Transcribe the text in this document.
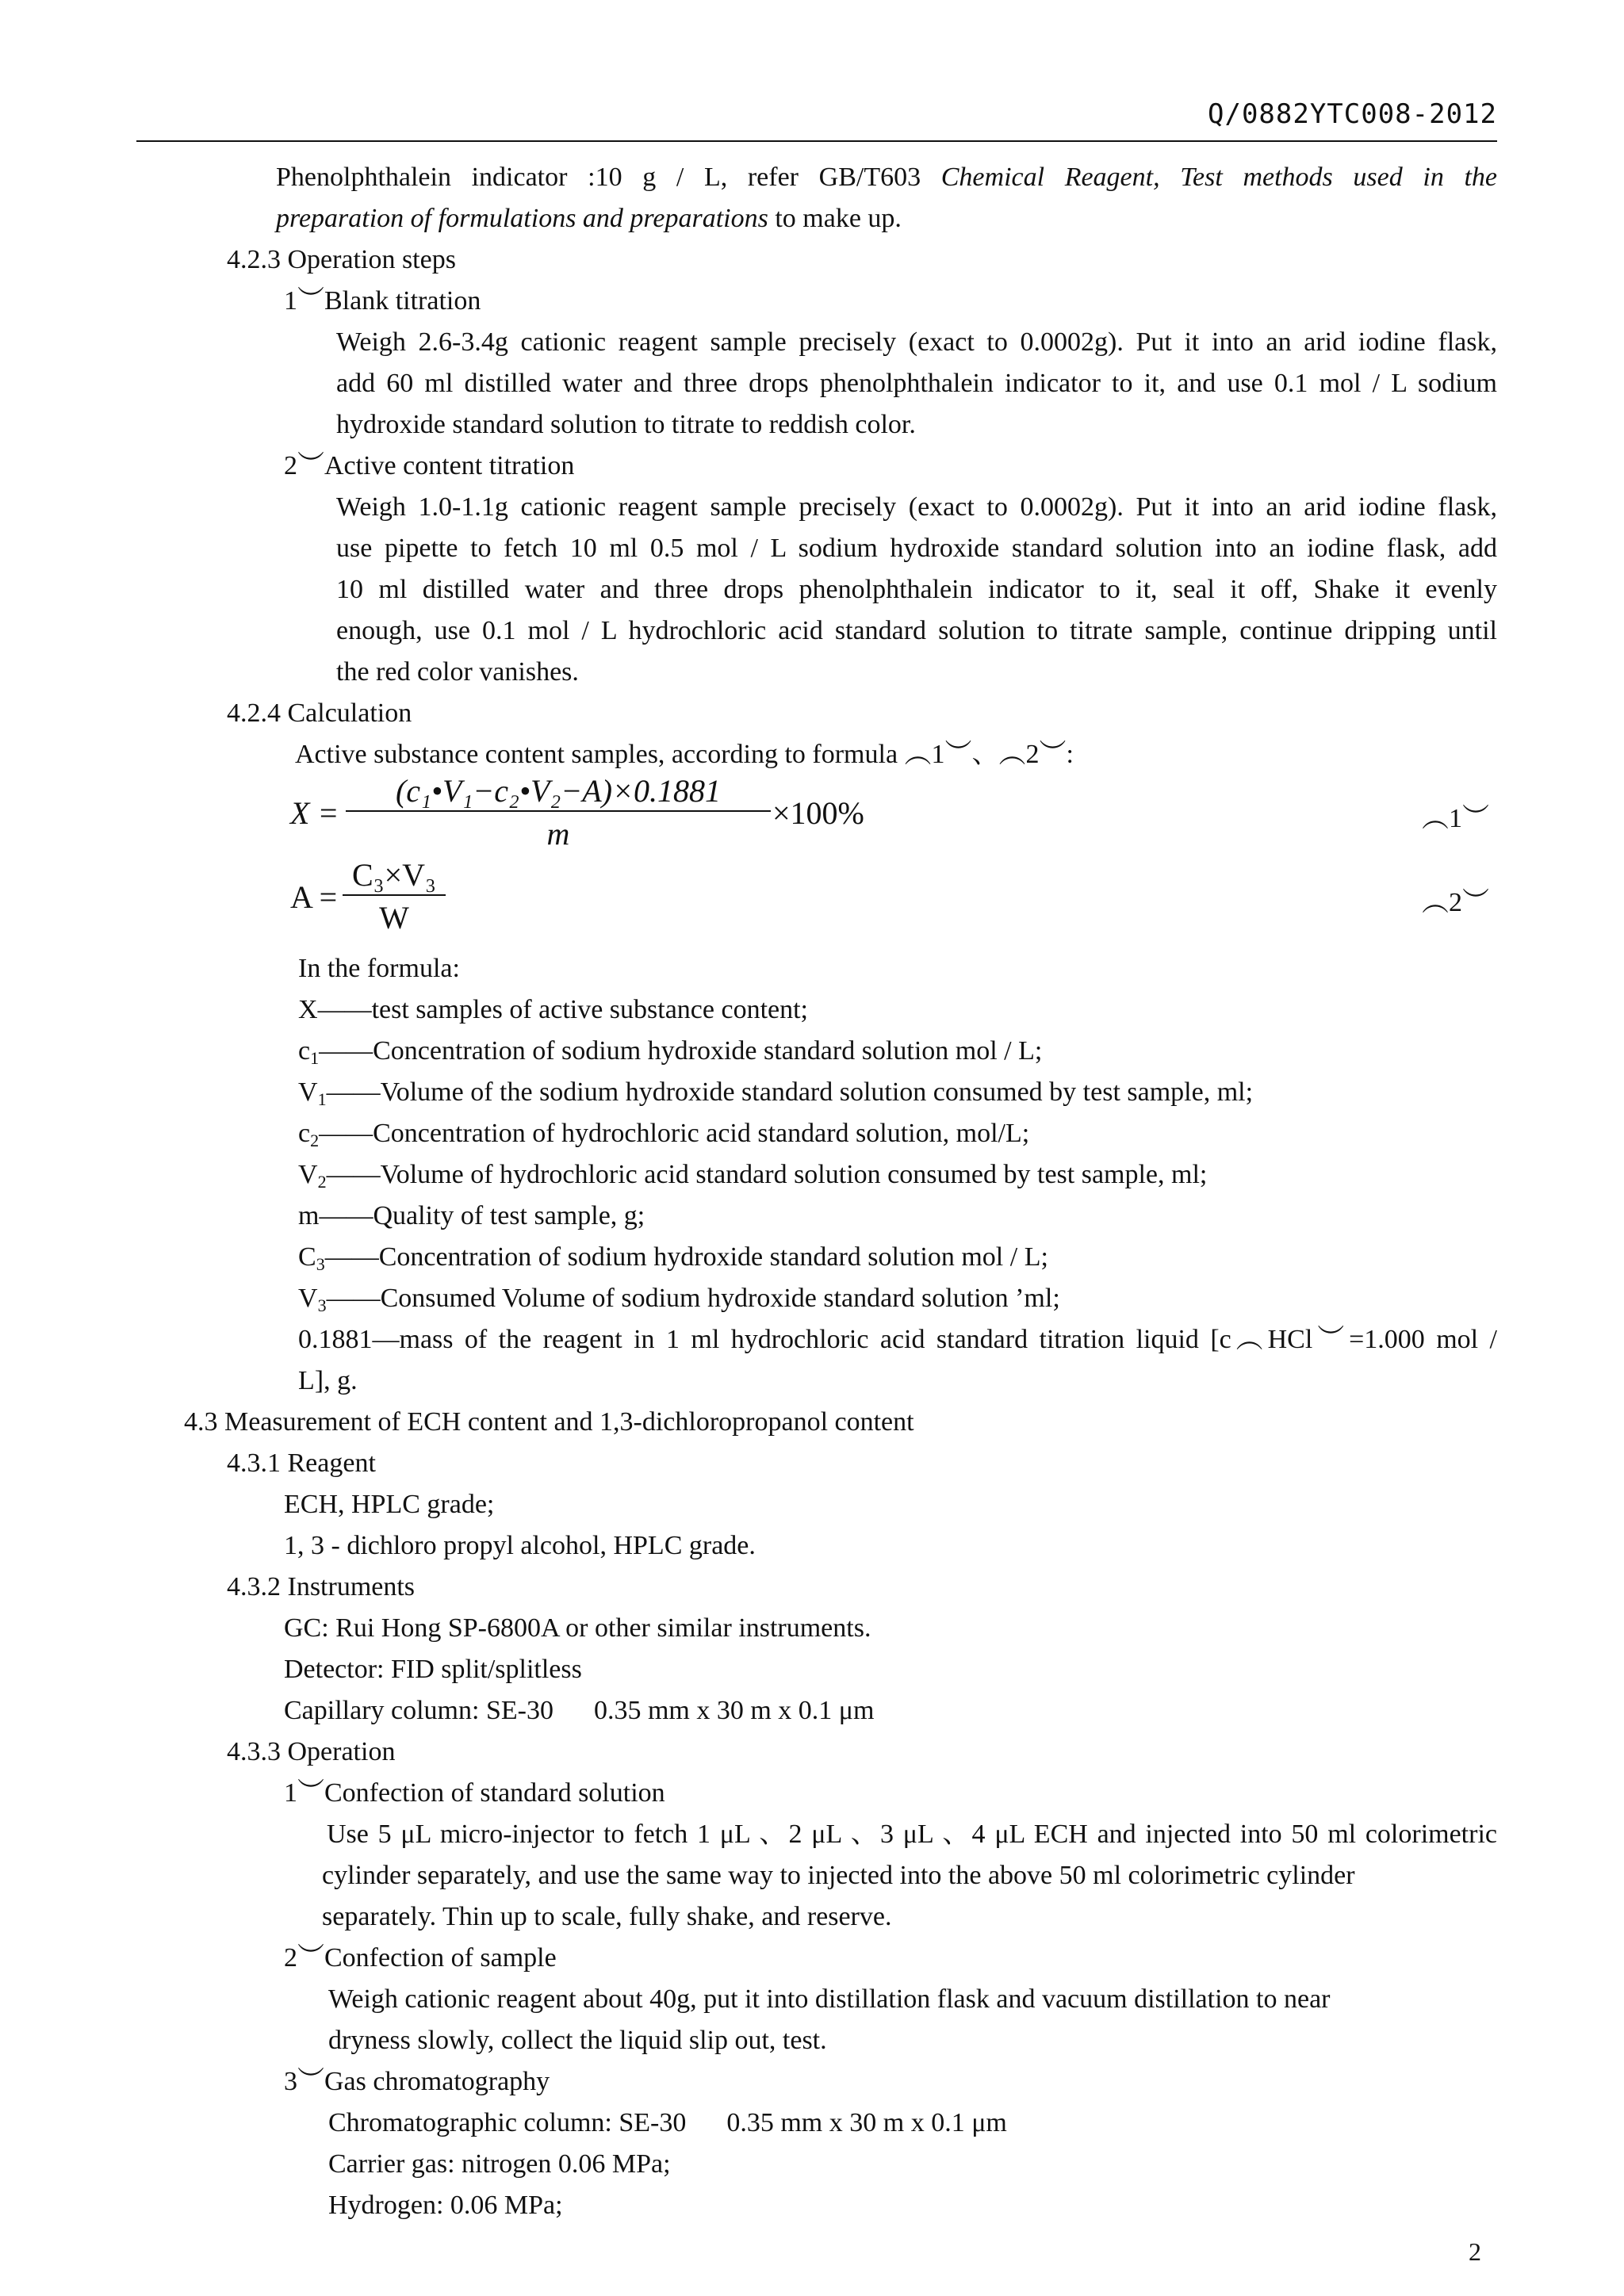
Q/0882YTC008-2012
Phenolphthalein indicator :10 g / L, refer GB/T603 Chemical Reagent, Test methods used in the
preparation of formulations and preparations to make up.
4.2.3 Operation steps
1︶Blank titration
Weigh 2.6-3.4g cationic reagent sample precisely (exact to 0.0002g). Put it into an arid iodine flask,
add 60 ml distilled water and three drops phenolphthalein indicator to it, and use 0.1 mol / L sodium
hydroxide standard solution to titrate to reddish color.
2︶Active content titration
Weigh 1.0-1.1g cationic reagent sample precisely (exact to 0.0002g). Put it into an arid iodine flask,
use pipette to fetch 10 ml 0.5 mol / L sodium hydroxide standard solution into an iodine flask, add
10 ml distilled water and three drops phenolphthalein indicator to it, seal it off, Shake it evenly
enough, use 0.1 mol / L hydrochloric acid standard solution to titrate sample, continue dripping until
the red color vanishes.
4.2.4 Calculation
Active substance content samples, according to formula ︵1︶、︵2︶:
X =
(c₁•V₁−c₂•V₂−A)×0.1881
m
×100%	︵1︶
A =
C₃×V₃
W	︵2︶
In the formula:
X——test samples of active substance content;
$c_1——Concentration$ of sodium hydroxide standard solution mol / L;
$V_1——Volume$ of the sodium hydroxide standard solution consumed by test sample, ml;
$c_2——Concentration$ of hydrochloric acid standard solution, mol/L;
$V_2——Volume$ of hydrochloric acid standard solution consumed by test sample, ml;
m——Quality of test sample, g;
$C_3——Concentration$ of sodium hydroxide standard solution mol / L;
$V_3——Consumed$ Volume of sodium hydroxide standard solution ’ml;
0.1881—mass of the reagent in 1 ml hydrochloric acid standard titration liquid [c︵HCl︶=1.000 mol /
L], g.
4.3 Measurement of ECH content and 1,3-dichloropropanol content
4.3.1 Reagent
ECH, HPLC grade;
1, 3 - dichloro propyl alcohol, HPLC grade.
4.3.2 Instruments
GC: Rui Hong SP-6800A or other similar instruments.
Detector: FID split/splitless
Capillary column: SE-30      0.35 mm x 30 m x 0.1 μm
4.3.3 Operation
1︶Confection of standard solution
Use 5 μL micro-injector to fetch 1 μL 、2 μL 、3 μL 、4 μL ECH and injected into 50 ml colorimetric
cylinder separately, and use the same way to injected into the above 50 ml colorimetric cylinder
separately. Thin up to scale, fully shake, and reserve.
2︶Confection of sample
Weigh cationic reagent about 40g, put it into distillation flask and vacuum distillation to near
dryness slowly, collect the liquid slip out, test.
3︶Gas chromatography
Chromatographic column: SE-30      0.35 mm x 30 m x 0.1 μm
Carrier gas: nitrogen 0.06 MPa;
Hydrogen: 0.06 MPa;
2
